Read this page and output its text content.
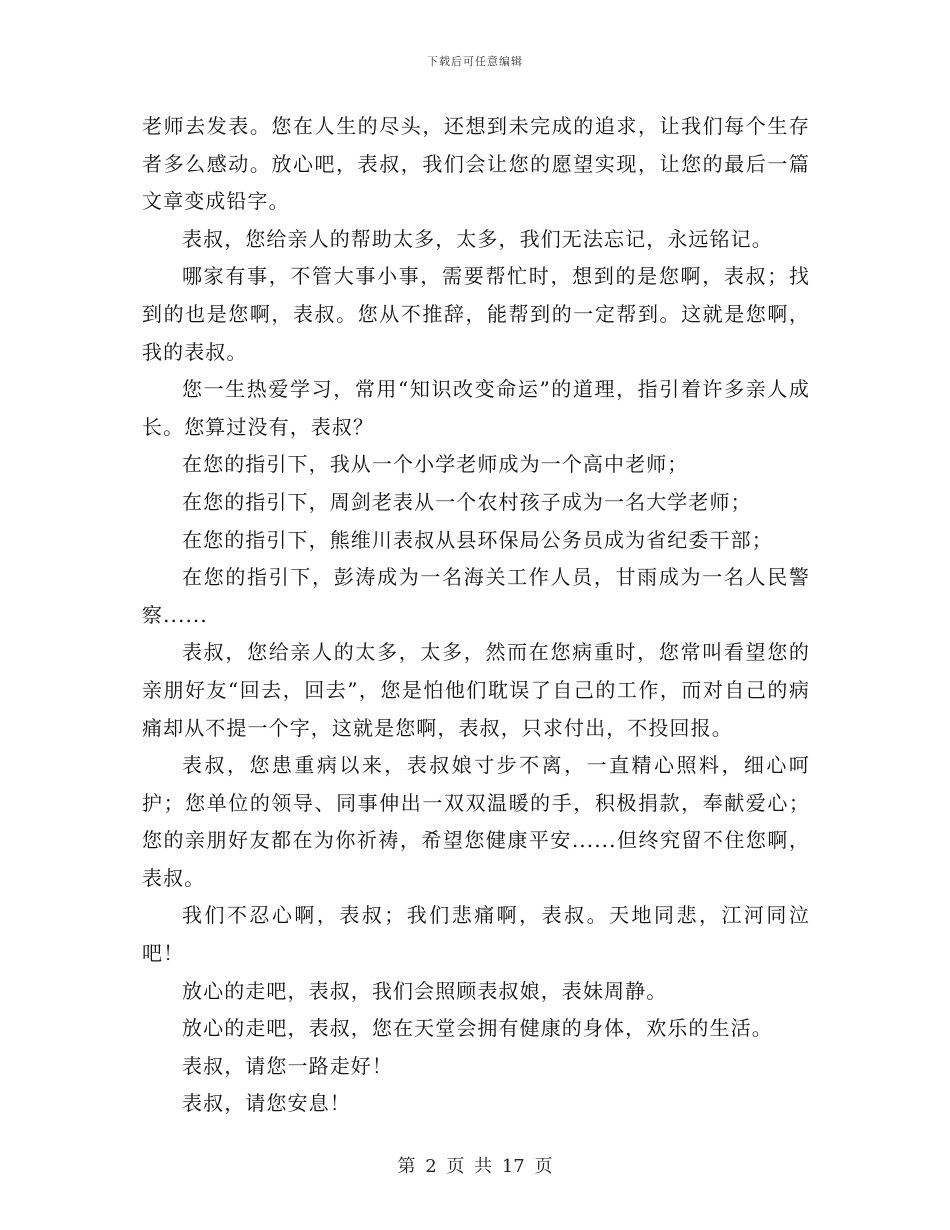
下载后可任意编辑

老师去发表。您在人生的尽头，还想到未完成的追求，让我们每个生存者多么感动。放心吧，表叔，我们会让您的愿望实现，让您的最后一篇文章变成铅字。

表叔，您给亲人的帮助太多，太多，我们无法忘记，永远铭记。

哪家有事，不管大事小事，需要帮忙时，想到的是您啊，表叔；找到的也是您啊，表叔。您从不推辞，能帮到的一定帮到。这就是您啊，我的表叔。

您一生热爱学习，常用“知识改变命运”的道理，指引着许多亲人成长。您算过没有，表叔？

在您的指引下，我从一个小学老师成为一个高中老师；

在您的指引下，周剑老表从一个农村孩子成为一名大学老师；

在您的指引下，熊维川表叔从县环保局公务员成为省纪委干部；

在您的指引下，彭涛成为一名海关工作人员，甘雨成为一名人民警察......

表叔，您给亲人的太多，太多，然而在您病重时，您常叫看望您的亲朋好友“回去，回去”，您是怕他们耽误了自己的工作，而对自己的病痛却从不提一个字，这就是您啊，表叔，只求付出，不投回报。

表叔，您患重病以来，表叔娘寸步不离，一直精心照料，细心呵护；您单位的领导、同事伸出一双双温暖的手，积极捐款，奉献爱心；您的亲朋好友都在为你祈祷，希望您健康平安......但终究留不住您啊，表叔。

我们不忍心啊，表叔；我们悲痛啊，表叔。天地同悲，江河同泣吧！

放心的走吧，表叔，我们会照顾表叔娘，表妹周静。

放心的走吧，表叔，您在天堂会拥有健康的身体，欢乐的生活。

表叔，请您一路走好！

表叔，请您安息！

第 2 页 共 17 页
